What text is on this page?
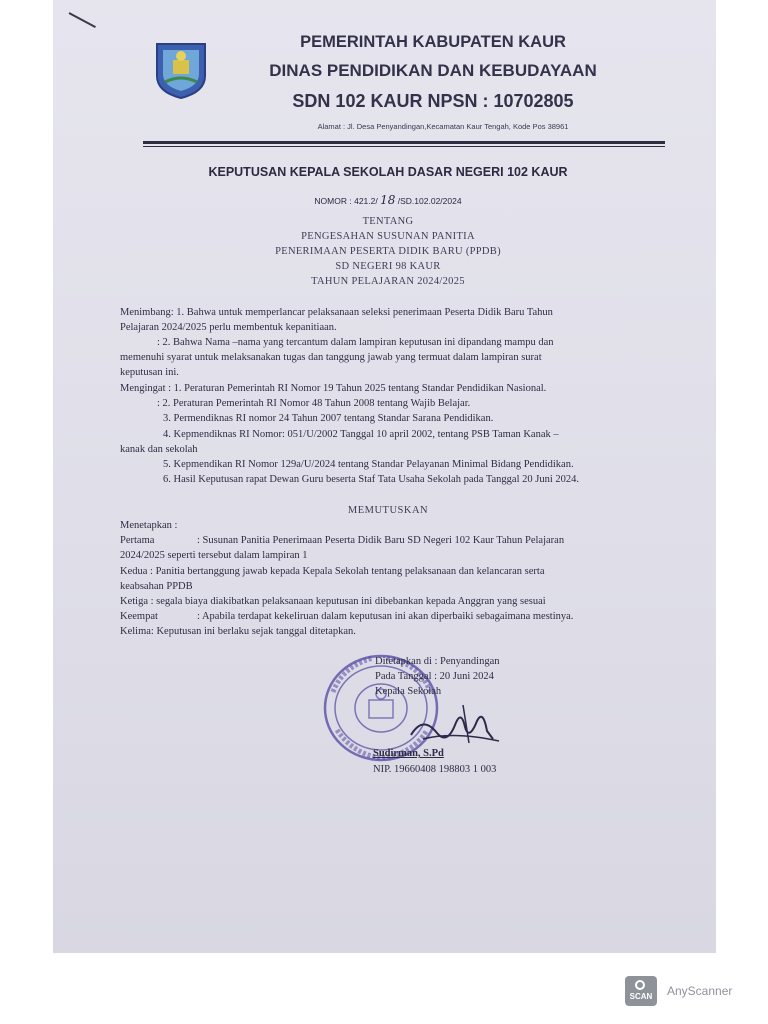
PEMERINTAH KABUPATEN KAUR
DINAS PENDIDIKAN DAN KEBUDAYAAN
SDN 102 KAUR NPSN : 10702805
Alamat : Jl. Desa Penyandingan,Kecamatan Kaur Tengah, Kode Pos 38961
KEPUTUSAN KEPALA SEKOLAH DASAR NEGERI 102 KAUR
NOMOR : 421.2/ 18 /SD.102.02/2024
TENTANG
PENGESAHAN SUSUNAN PANITIA
PENERIMAAN PESERTA DIDIK BARU (PPDB)
SD NEGERI 98 KAUR
TAHUN PELAJARAN 2024/2025
Menimbang: 1. Bahwa untuk memperlancar pelaksanaan seleksi penerimaan Peserta Didik Baru Tahun
Pelajaran 2024/2025 perlu membentuk kepanitiaan.
: 2. Bahwa Nama –nama yang tercantum dalam lampiran keputusan ini dipandang mampu dan
memenuhi syarat untuk melaksanakan tugas dan tanggung jawab yang termuat dalam lampiran surat
keputusan ini.
Mengingat : 1. Peraturan Pemerintah RI Nomor 19 Tahun 2025 tentang Standar Pendidikan Nasional.
: 2. Peraturan Pemerintah RI Nomor 48 Tahun 2008 tentang Wajib Belajar.
3. Permendiknas RI nomor 24 Tahun 2007 tentang Standar Sarana Pendidikan.
4. Kepmendiknas RI Nomor: 051/U/2002 Tanggal 10 april 2002, tentang PSB Taman Kanak –
kanak dan sekolah
5. Kepmendikan RI Nomor 129a/U/2024 tentang Standar Pelayanan Minimal Bidang Pendidikan.
6. Hasil Keputusan rapat Dewan Guru beserta Staf Tata Usaha Sekolah pada Tanggal 20 Juni 2024.
MEMUTUSKAN
Menetapkan :
Pertama	: Susunan Panitia Penerimaan Peserta Didik Baru SD Negeri 102 Kaur Tahun Pelajaran
2024/2025 seperti tersebut dalam lampiran 1
Kedua : Panitia bertanggung jawab kepada Kepala Sekolah tentang pelaksanaan dan kelancaran serta
keabsahan PPDB
Ketiga : segala biaya diakibatkan pelaksanaan keputusan ini dibebankan kepada Anggran yang sesuai
Keempat	: Apabila terdapat kekeliruan dalam keputusan ini akan diperbaiki sebagaimana mestinya.
Kelima: Keputusan ini berlaku sejak tanggal ditetapkan.
Ditetapkan di : Penyandingan
Pada Tanggal : 20 Juni 2024
Kepala Sekolah
Sudirman, S.Pd
NIP. 19660408 198803 1 003
SCAN	AnyScanner
